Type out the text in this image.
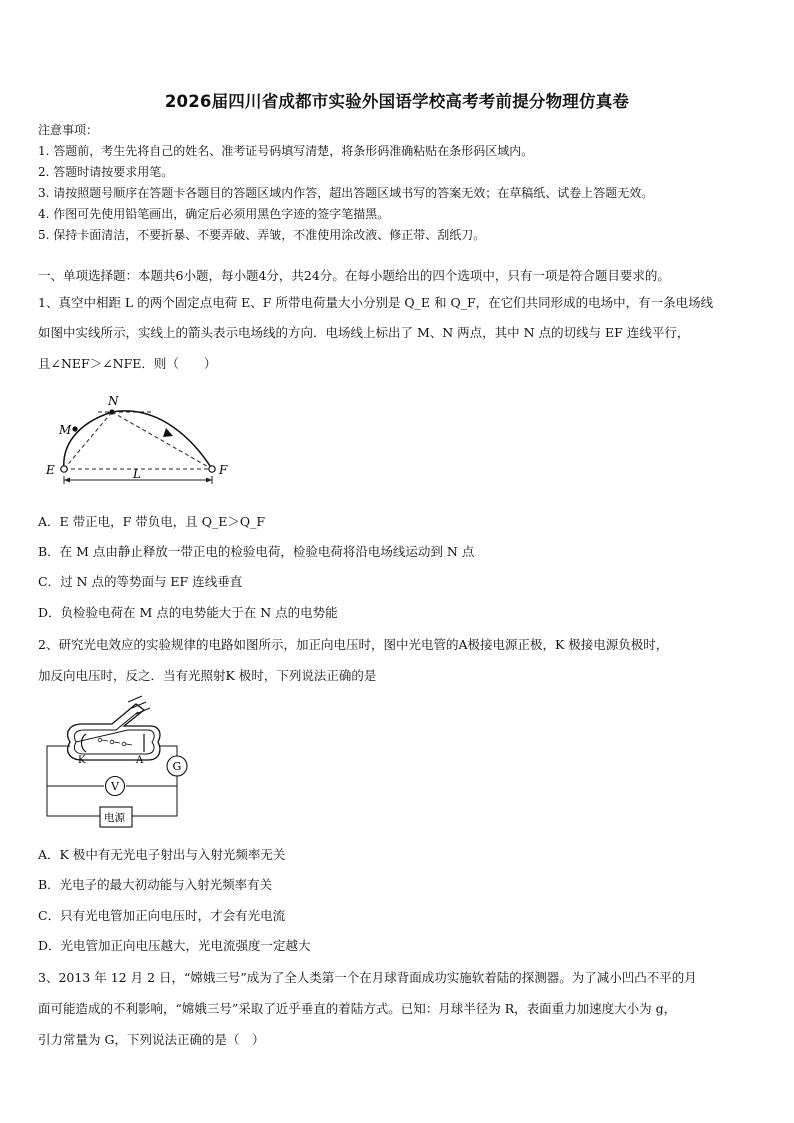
2026届四川省成都市实验外国语学校高考考前提分物理仿真卷
注意事项：
1. 答题前，考生先将自己的姓名、准考证号码填写清楚，将条形码准确粘贴在条形码区域内。
2. 答题时请按要求用笔。
3. 请按照题号顺序在答题卡各题目的答题区域内作答，超出答题区域书写的答案无效；在草稿纸、试卷上答题无效。
4. 作图可先使用铅笔画出，确定后必须用黑色字迹的签字笔描黑。
5. 保持卡面清洁，不要折暴、不要弄破、弄皱，不准使用涂改液、修正带、刮纸刀。
一、单项选择题：本题共6小题，每小题4分，共24分。在每小题给出的四个选项中，只有一项是符合题目要求的。
1、真空中相距 L 的两个固定点电荷 E、F 所带电荷量大小分别是 Q_E 和 Q_F，在它们共同形成的电场中，有一条电场线
如图中实线所示，实线上的箭头表示电场线的方向．电场线上标出了 M、N 两点，其中 N 点的切线与 EF 连线平行，
且∠NEF＞∠NFE．则（　　）
N
M
E	F
L
A．E 带正电，F 带负电，且 Q_E＞Q_F
B．在 M 点由静止释放一带正电的检验电荷，检验电荷将沿电场线运动到 N 点
C．过 N 点的等势面与 EF 连线垂直
D．负检验电荷在 M 点的电势能大于在 N 点的电势能
2、研究光电效应的实验规律的电路如图所示，加正向电压时，图中光电管的A极接电源正极，K 极接电源负极时，
加反向电压时，反之．当有光照射K 极时，下列说法正确的是
K	A
V
G
电源
A．K 极中有无光电子射出与入射光频率无关
B．光电子的最大初动能与入射光频率有关
C．只有光电管加正向电压时，才会有光电流
D．光电管加正向电压越大，光电流强度一定越大
3、2013 年 12 月 2 日，“嫦娥三号”成为了全人类第一个在月球背面成功实施软着陆的探测器。为了减小凹凸不平的月
面可能造成的不利影响，“嫦娥三号”采取了近乎垂直的着陆方式。已知：月球半径为 R，表面重力加速度大小为 g，
引力常量为 G，下列说法正确的是（　）
